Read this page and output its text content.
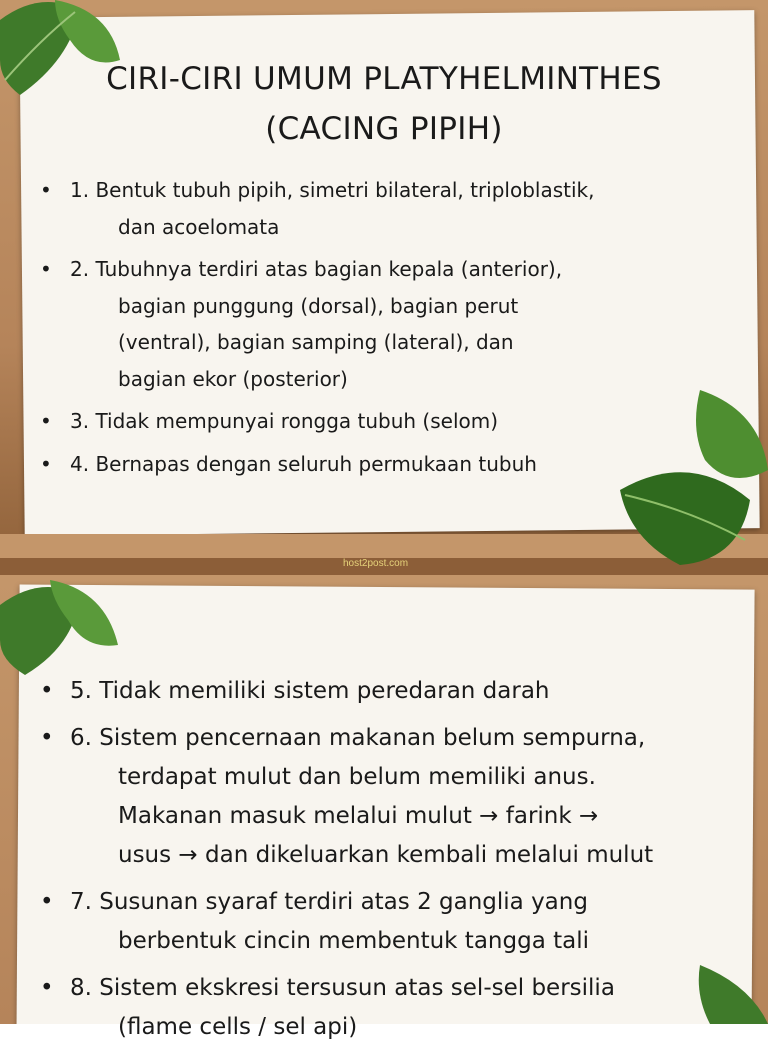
host2post.com
CIRI-CIRI UMUM PLATYHELMINTHES
(CACING PIPIH)
• 1. Bentuk tubuh pipih, simetri bilateral, triploblastik,
dan acoelomata
• 2. Tubuhnya terdiri atas bagian kepala (anterior),
bagian punggung (dorsal), bagian perut
(ventral), bagian samping (lateral), dan
bagian ekor (posterior)
• 3. Tidak mempunyai rongga tubuh (selom)
• 4. Bernapas dengan seluruh permukaan tubuh
• 5. Tidak memiliki sistem peredaran darah
• 6. Sistem pencernaan makanan belum sempurna,
terdapat mulut dan belum memiliki anus.
Makanan masuk melalui mulut → farink →
usus → dan dikeluarkan kembali melalui mulut
• 7. Susunan syaraf terdiri atas 2 ganglia yang
berbentuk cincin membentuk tangga tali
• 8. Sistem ekskresi tersusun atas sel-sel bersilia
(flame cells / sel api)
